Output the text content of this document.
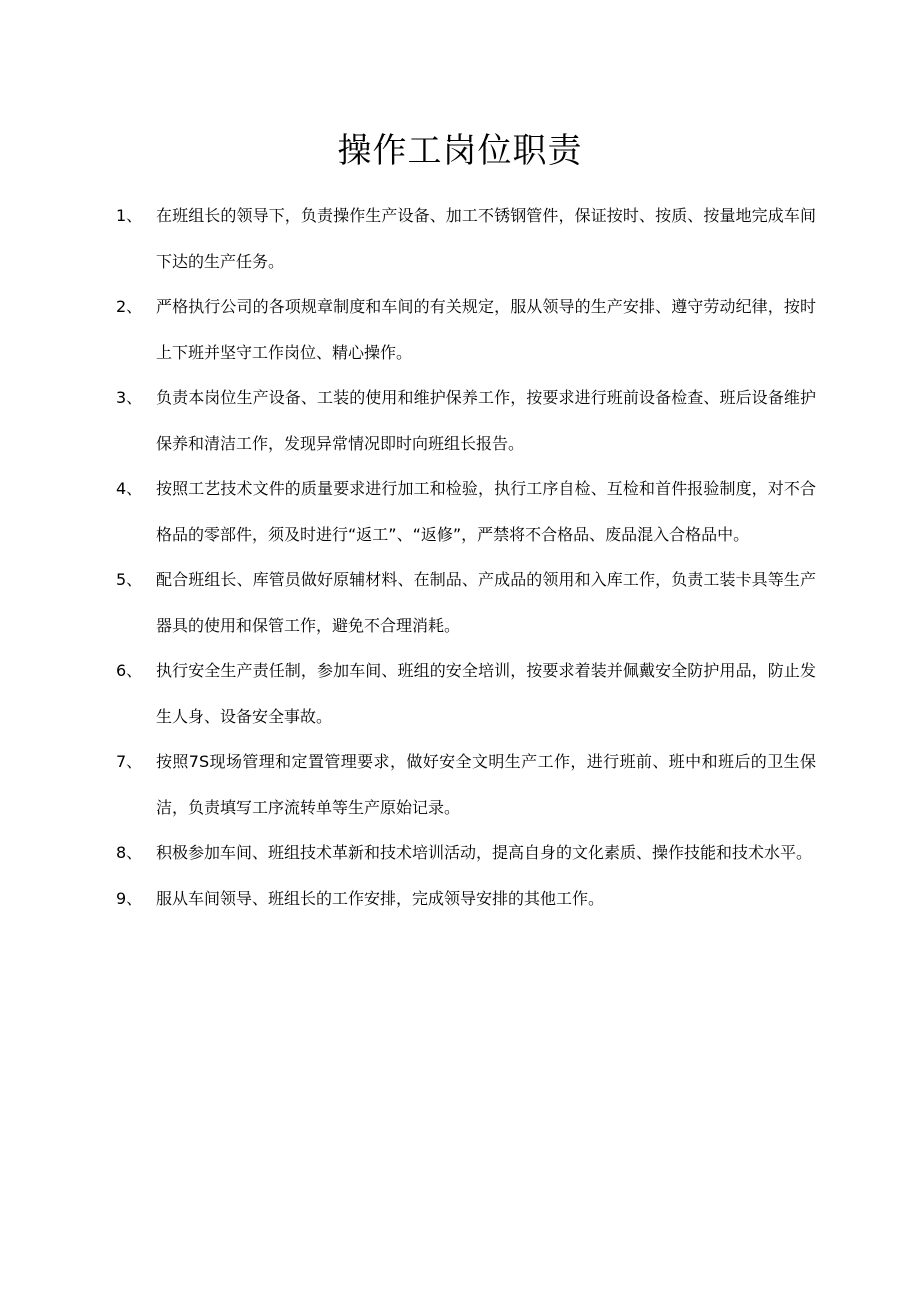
操作工岗位职责
1、 在班组长的领导下，负责操作生产设备、加工不锈钢管件，保证按时、按质、按量地完成车间下达的生产任务。
2、 严格执行公司的各项规章制度和车间的有关规定，服从领导的生产安排、遵守劳动纪律，按时上下班并坚守工作岗位、精心操作。
3、 负责本岗位生产设备、工装的使用和维护保养工作，按要求进行班前设备检查、班后设备维护保养和清洁工作，发现异常情况即时向班组长报告。
4、 按照工艺技术文件的质量要求进行加工和检验，执行工序自检、互检和首件报验制度，对不合格品的零部件，须及时进行“返工”、“返修”，严禁将不合格品、废品混入合格品中。
5、 配合班组长、库管员做好原辅材料、在制品、产成品的领用和入库工作，负责工装卡具等生产器具的使用和保管工作，避免不合理消耗。
6、 执行安全生产责任制，参加车间、班组的安全培训，按要求着装并佩戴安全防护用品，防止发生人身、设备安全事故。
7、 按照7S现场管理和定置管理要求，做好安全文明生产工作，进行班前、班中和班后的卫生保洁，负责填写工序流转单等生产原始记录。
8、 积极参加车间、班组技术革新和技术培训活动，提高自身的文化素质、操作技能和技术水平。
9、 服从车间领导、班组长的工作安排，完成领导安排的其他工作。
